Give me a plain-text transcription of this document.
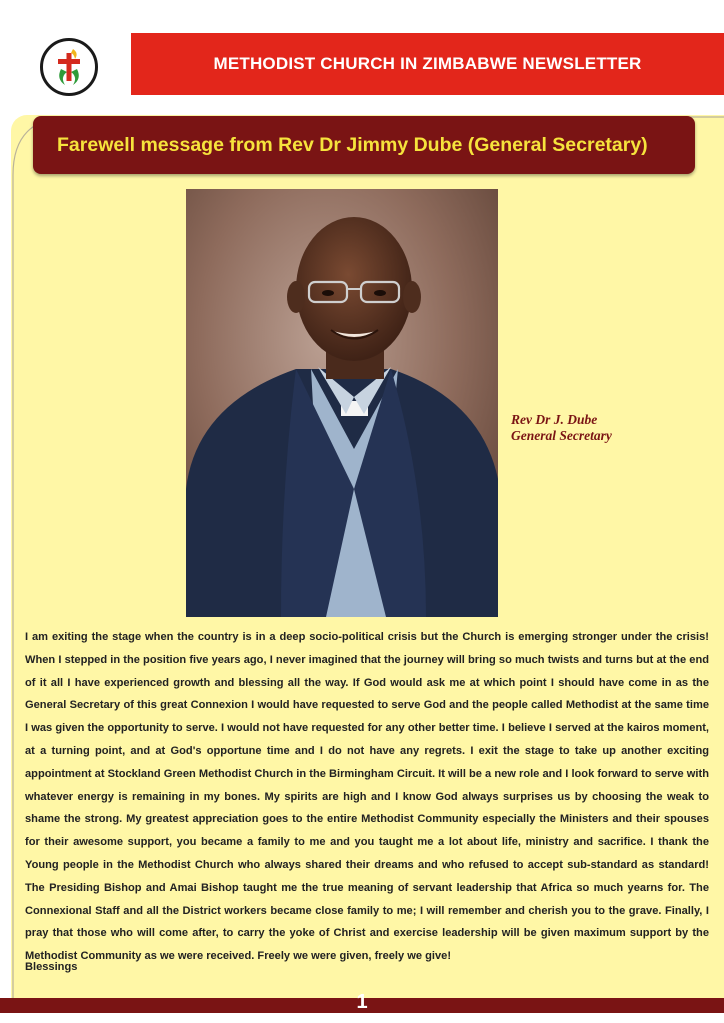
METHODIST CHURCH IN ZIMBABWE NEWSLETTER
Farewell message from Rev Dr Jimmy Dube (General Secretary)
Rev Dr J. Dube
General Secretary
I am exiting the stage when the country is in a deep socio-political crisis but the Church is emerging stronger under the crisis! When I stepped in the position five years ago, I never imagined that the journey will bring so much twists and turns but at the end of it all I have experienced growth and blessing all the way. If God would ask me at which point I should have come in as the General Secretary of this great Connexion I would have requested to serve God and the people called Methodist at the same time I was given the opportunity to serve. I would not have requested for any other better time. I believe I served at the kairos moment, at a turning point, and at God's opportune time and I do not have any regrets. I exit the stage to take up another exciting appointment at Stockland Green Methodist Church in the Birmingham Circuit. It will be a new role and I look forward to serve with whatever energy is remaining in my bones. My spirits are high and I know God always surprises us by choosing the weak to shame the strong. My greatest appreciation goes to the entire Methodist Community especially the Ministers and their spouses for their awesome support, you became a family to me and you taught me a lot about life, ministry and sacrifice. I thank the Young people in the Methodist Church who always shared their dreams and who refused to accept sub-standard as standard! The Presiding Bishop and Amai Bishop taught me the true meaning of servant leadership that Africa so much yearns for. The Connexional Staff and all the District workers became close family to me; I will remember and cherish you to the grave. Finally, I pray that those who will come after, to carry the yoke of Christ and exercise leadership will be given maximum support by the Methodist Community as we were received. Freely we were given, freely we give!
Blessings
1
